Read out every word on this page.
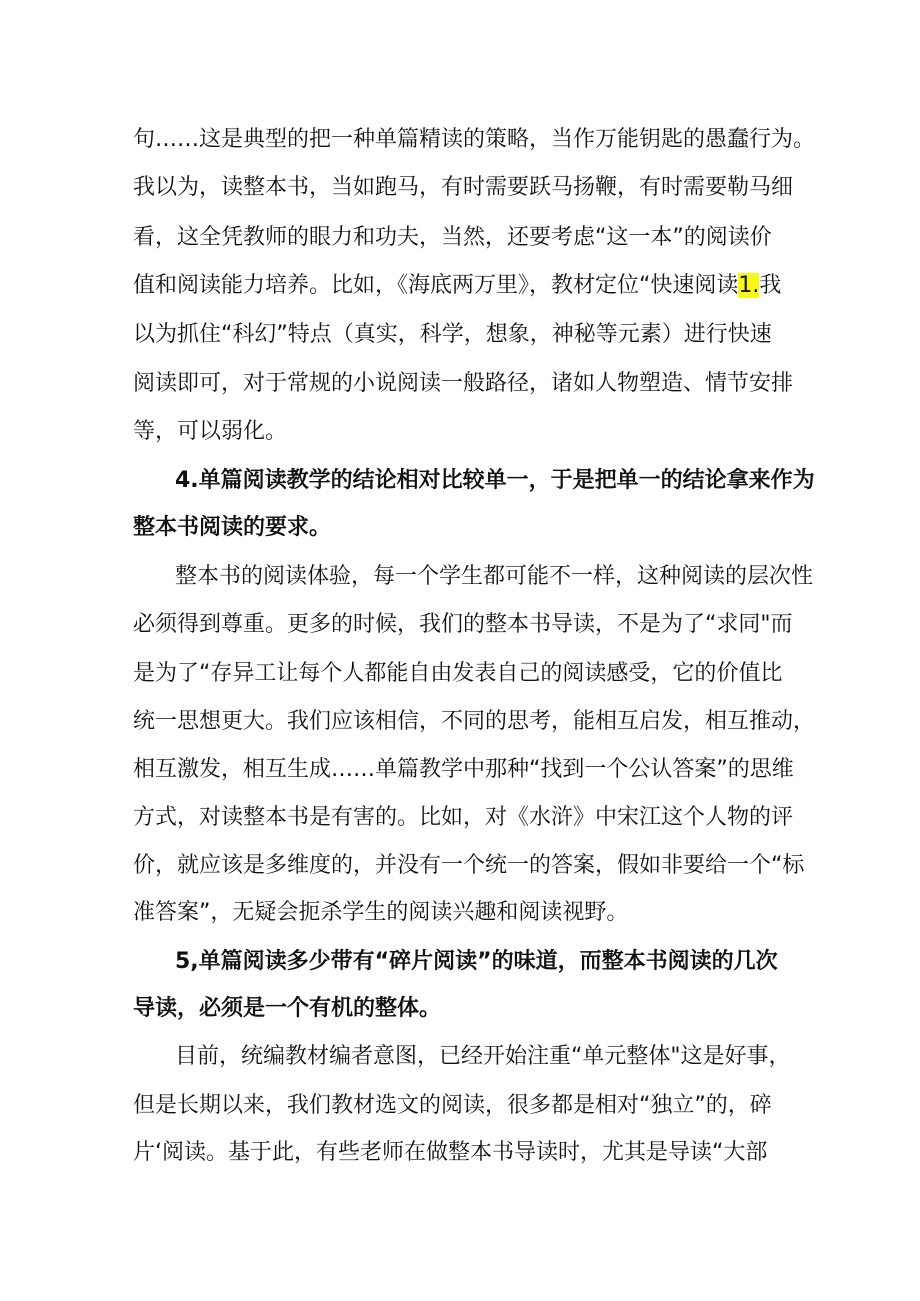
句……这是典型的把一种单篇精读的策略，当作万能钥匙的愚蠢行为。
我以为，读整本书，当如跑马，有时需要跃马扬鞭，有时需要勒马细
看，这全凭教师的眼力和功夫，当然，还要考虑“这一本”的阅读价
值和阅读能力培养。比如，《海底两万里》，教材定位“快速阅读1.我
以为抓住“科幻”特点（真实，科学，想象，神秘等元素）进行快速
阅读即可，对于常规的小说阅读一般路径，诸如人物塑造、情节安排
等，可以弱化。
4.单篇阅读教学的结论相对比较单一，于是把单一的结论拿来作为
整本书阅读的要求。
整本书的阅读体验，每一个学生都可能不一样，这种阅读的层次性
必须得到尊重。更多的时候，我们的整本书导读，不是为了“求同"而
是为了“存异工让每个人都能自由发表自己的阅读感受，它的价值比
统一思想更大。我们应该相信，不同的思考，能相互启发，相互推动，
相互激发，相互生成……单篇教学中那种“找到一个公认答案”的思维
方式，对读整本书是有害的。比如，对《水浒》中宋江这个人物的评
价，就应该是多维度的，并没有一个统一的答案，假如非要给一个“标
准答案”，无疑会扼杀学生的阅读兴趣和阅读视野。
5,单篇阅读多少带有“碎片阅读”的味道，而整本书阅读的几次
导读，必须是一个有机的整体。
目前，统编教材编者意图，已经开始注重“单元整体"这是好事，
但是长期以来，我们教材选文的阅读，很多都是相对“独立”的，碎
片‘阅读。基于此，有些老师在做整本书导读时，尤其是导读“大部
